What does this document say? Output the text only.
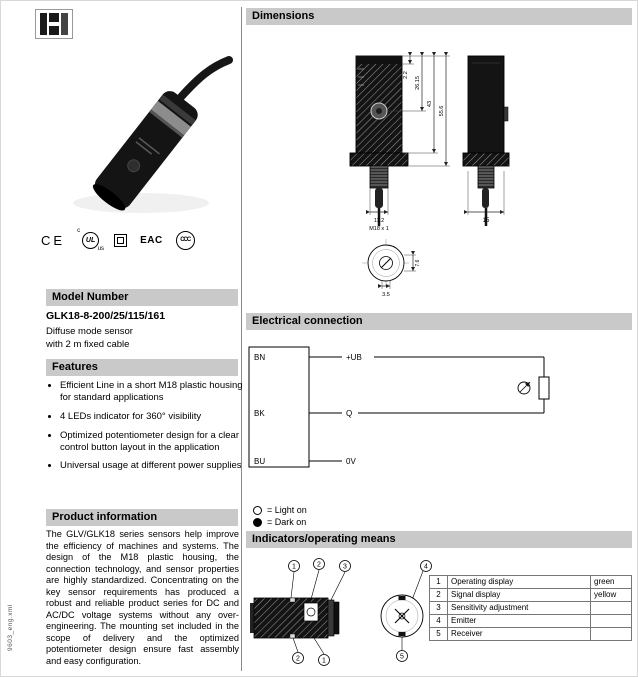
9603_eng.xml
CE
c
UL
us
EAC	CCC
Model Number
GLK18-8-200/25/115/161
Diffuse mode sensor
with 2 m fixed cable
Features
• Efficient Line in a short M18 plastic housing for standard applications
• 4 LEDs indicator for 360° visibility
• Optimized potentiometer design for a clear control button layout in the application
• Universal usage at different power supplies
Product information
The GLV/GLK18 series sensors help improve the efficiency of machines and systems. The design of the M18 plastic housing, the connection technology, and sensor properties are highly standardized. Concentrating on the key sensor requirements has produced a robust and reliable product series for DC and AC/DC voltage systems without any over-engineering. The mounting set included in the scope of delivery and the optimized potentiometer design ensure fast assembly and easy configuration.
Dimensions
2.2
26.15
43
55.6
11.2
M18 x 1
15
7.6
3.5
Electrical connection
BN
BK
BU
+UB
Q
0V
= Light on
= Dark on
Indicators/operating means
1	2	3
2	1
4
5
1	Operating display	green
2	Signal display	yellow
3	Sensitivity adjustment	
4	Emitter	
5	Receiver	
